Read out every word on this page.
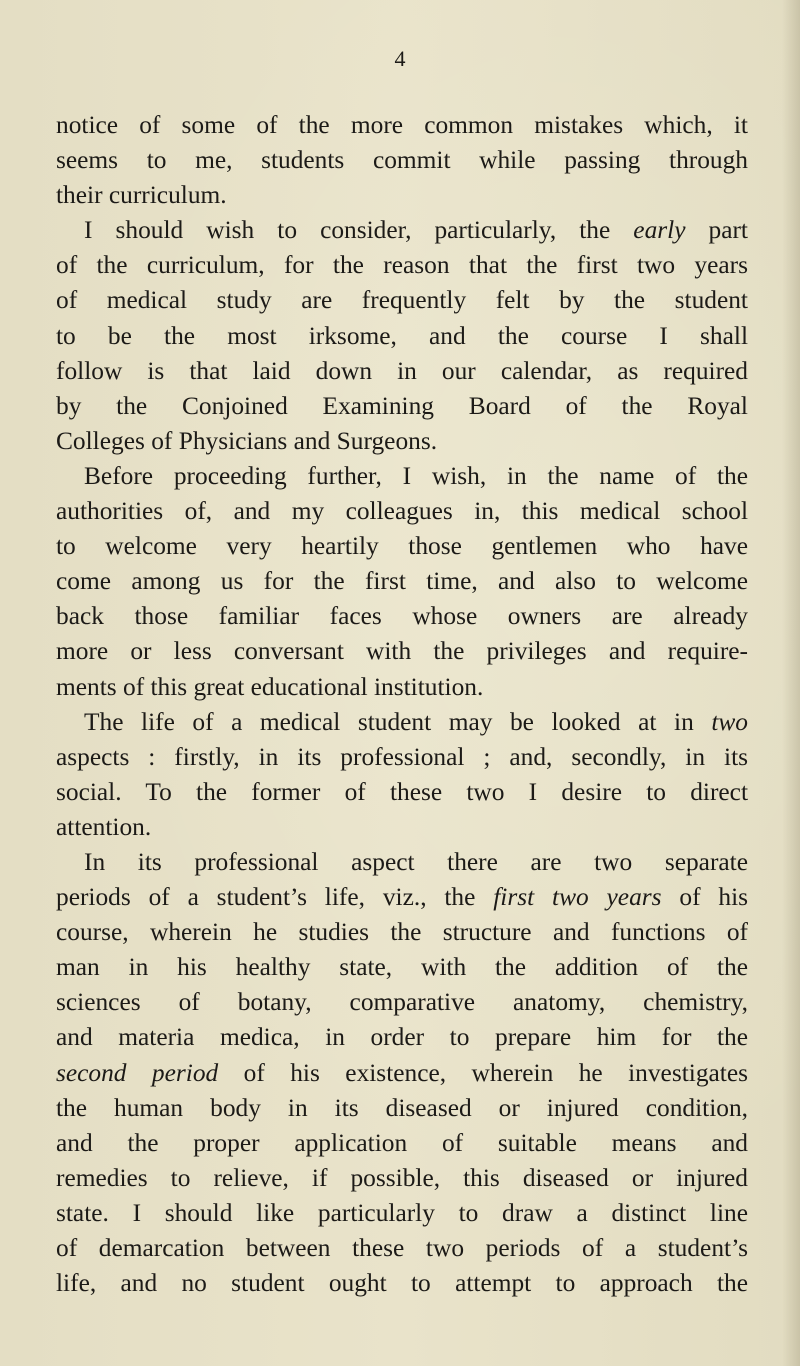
4
notice of some of the more common mistakes which, it
seems to me, students commit while passing through
their curriculum.
I should wish to consider, particularly, the early part
of the curriculum, for the reason that the first two years
of medical study are frequently felt by the student
to be the most irksome, and the course I shall
follow is that laid down in our calendar, as required
by the Conjoined Examining Board of the Royal
Colleges of Physicians and Surgeons.
Before proceeding further, I wish, in the name of the
authorities of, and my colleagues in, this medical school
to welcome very heartily those gentlemen who have
come among us for the first time, and also to welcome
back those familiar faces whose owners are already
more or less conversant with the privileges and require-
ments of this great educational institution.
The life of a medical student may be looked at in two
aspects : firstly, in its professional ; and, secondly, in its
social. To the former of these two I desire to direct
attention.
In its professional aspect there are two separate
periods of a student’s life, viz., the first two years of his
course, wherein he studies the structure and functions of
man in his healthy state, with the addition of the
sciences of botany, comparative anatomy, chemistry,
and materia medica, in order to prepare him for the
second period of his existence, wherein he investigates
the human body in its diseased or injured condition,
and the proper application of suitable means and
remedies to relieve, if possible, this diseased or injured
state. I should like particularly to draw a distinct line
of demarcation between these two periods of a student’s
life, and no student ought to attempt to approach the
